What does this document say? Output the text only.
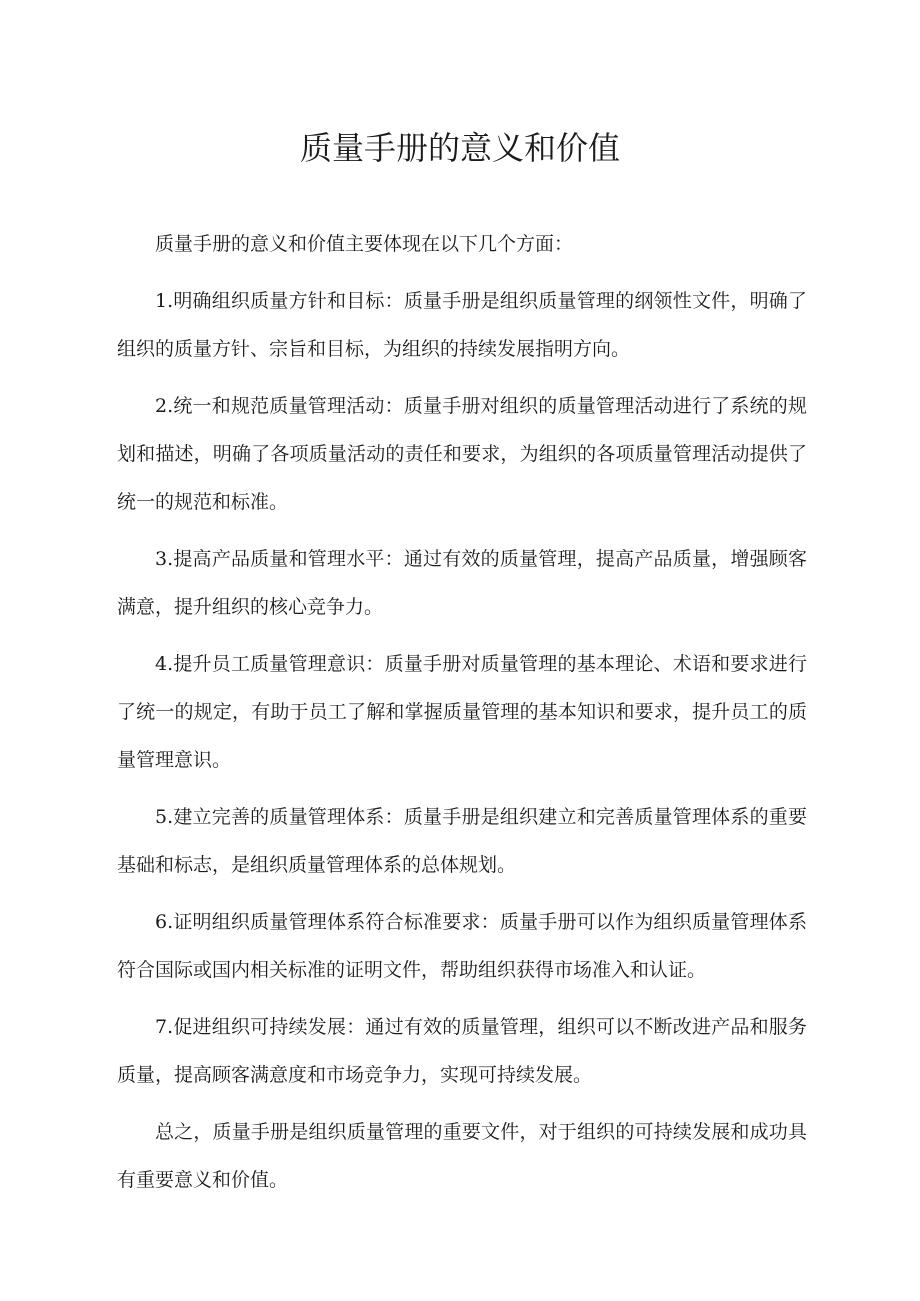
质量手册的意义和价值

质量手册的意义和价值主要体现在以下几个方面：

1.明确组织质量方针和目标：质量手册是组织质量管理的纲领性文件，明确了组织的质量方针、宗旨和目标，为组织的持续发展指明方向。

2.统一和规范质量管理活动：质量手册对组织的质量管理活动进行了系统的规划和描述，明确了各项质量活动的责任和要求，为组织的各项质量管理活动提供了统一的规范和标准。

3.提高产品质量和管理水平：通过有效的质量管理，提高产品质量，增强顾客满意，提升组织的核心竞争力。

4.提升员工质量管理意识：质量手册对质量管理的基本理论、术语和要求进行了统一的规定，有助于员工了解和掌握质量管理的基本知识和要求，提升员工的质量管理意识。

5.建立完善的质量管理体系：质量手册是组织建立和完善质量管理体系的重要基础和标志，是组织质量管理体系的总体规划。

6.证明组织质量管理体系符合标准要求：质量手册可以作为组织质量管理体系符合国际或国内相关标准的证明文件，帮助组织获得市场准入和认证。

7.促进组织可持续发展：通过有效的质量管理，组织可以不断改进产品和服务质量，提高顾客满意度和市场竞争力，实现可持续发展。

总之，质量手册是组织质量管理的重要文件，对于组织的可持续发展和成功具有重要意义和价值。
